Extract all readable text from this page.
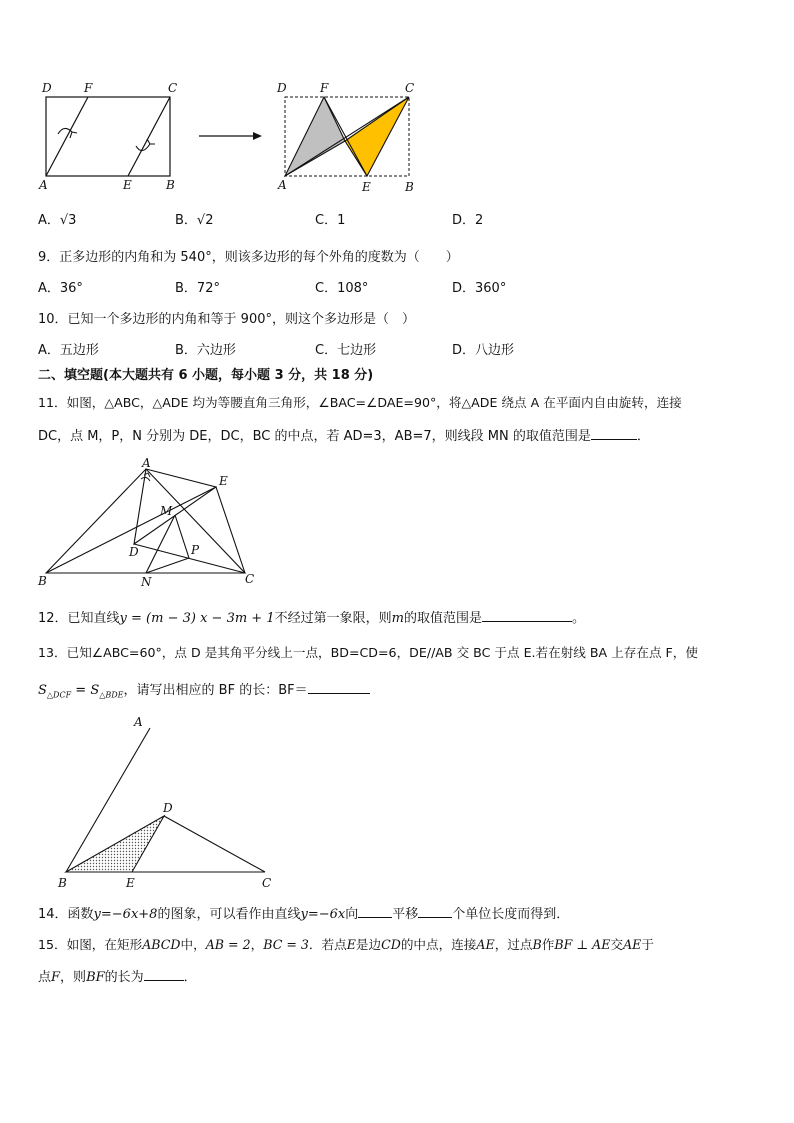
D	F	C
A	E	B
D	F	C
A	E	B
A．√3	B．√2	C．1	D．2
9．正多边形的内角和为 540°，则该多边形的每个外角的度数为（　　）
A．36°	B．72°	C．108°	D．360°
10．已知一个多边形的内角和等于 900°，则这个多边形是（　）
A．五边形	B．六边形	C．七边形	D．八边形
二、填空题(本大题共有 6 小题，每小题 3 分，共 18 分)
11．如图，△ABC，△ADE 均为等腰直角三角形，∠BAC=∠DAE=90°，将△ADE 绕点 A 在平面内自由旋转，连接
DC，点 M，P，N 分别为 DE，DC，BC 的中点，若 AD=3，AB=7，则线段 MN 的取值范围是	．
A
E
M
D	P
B	N	C
12．已知直线y = (m − 3) x − 3m + 1不经过第一象限，则m的取值范围是	。
13．已知∠ABC=60°，点 D 是其角平分线上一点，BD=CD=6，DE//AB 交 BC 于点 E.若在射线 BA 上存在点 F，使
$S_{\triangle DCF} = S_{\triangle BDE}$，请写出相应的 BF 的长：BF＝
A
D
B	E	C
14．函数y=−6x+8的图象，可以看作由直线y=−6x向	平移	个单位长度而得到．
15．如图，在矩形ABCD中，AB = 2，BC = 3．若点E是边CD的中点，连接AE，过点B作BF ⊥ AE交AE于
点F，则BF的长为	．
